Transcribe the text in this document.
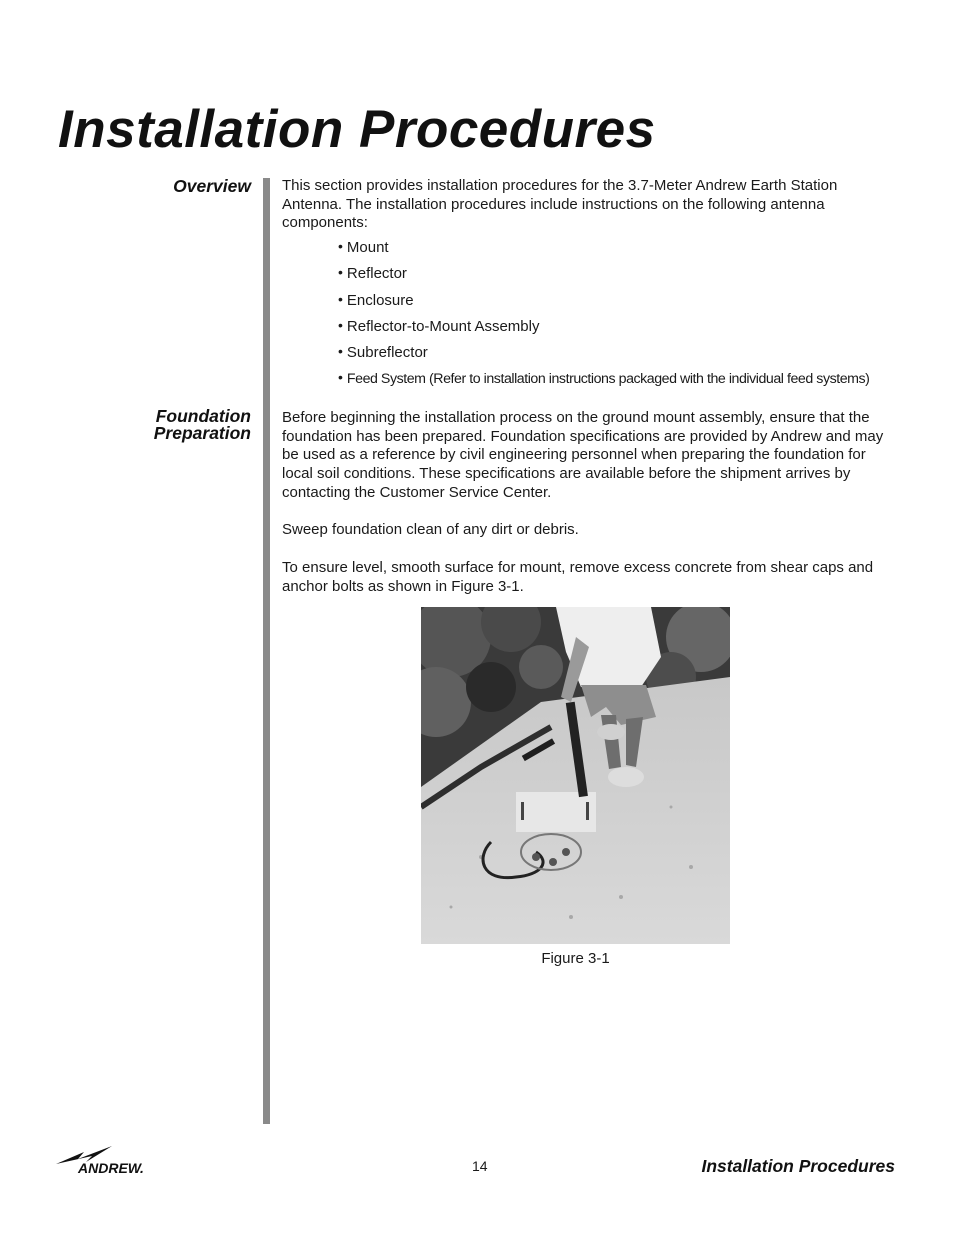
Installation Procedures
Overview This section provides installation procedures for the 3.7-Meter Andrew Earth Station Antenna. The installation procedures include instructions on the following antenna components:

• Mount
• Reflector
• Enclosure
• Reflector-to-Mount Assembly
• Subreflector
• Feed System (Refer to installation instructions packaged with the individual feed systems)
Foundation
Preparation

Before beginning the installation process on the ground mount assembly, ensure that the foundation has been prepared. Foundation specifications are provided by Andrew and may be used as a reference by civil engineering personnel when preparing the foundation for local soil conditions. These specifications are available before the shipment arrives by contacting the Customer Service Center.

Sweep foundation clean of any dirt or debris.

To ensure level, smooth surface for mount, remove excess concrete from shear caps and anchor bolts as shown in Figure 3-1.

Figure 3-1
ANDREW.	14	Installation Procedures
